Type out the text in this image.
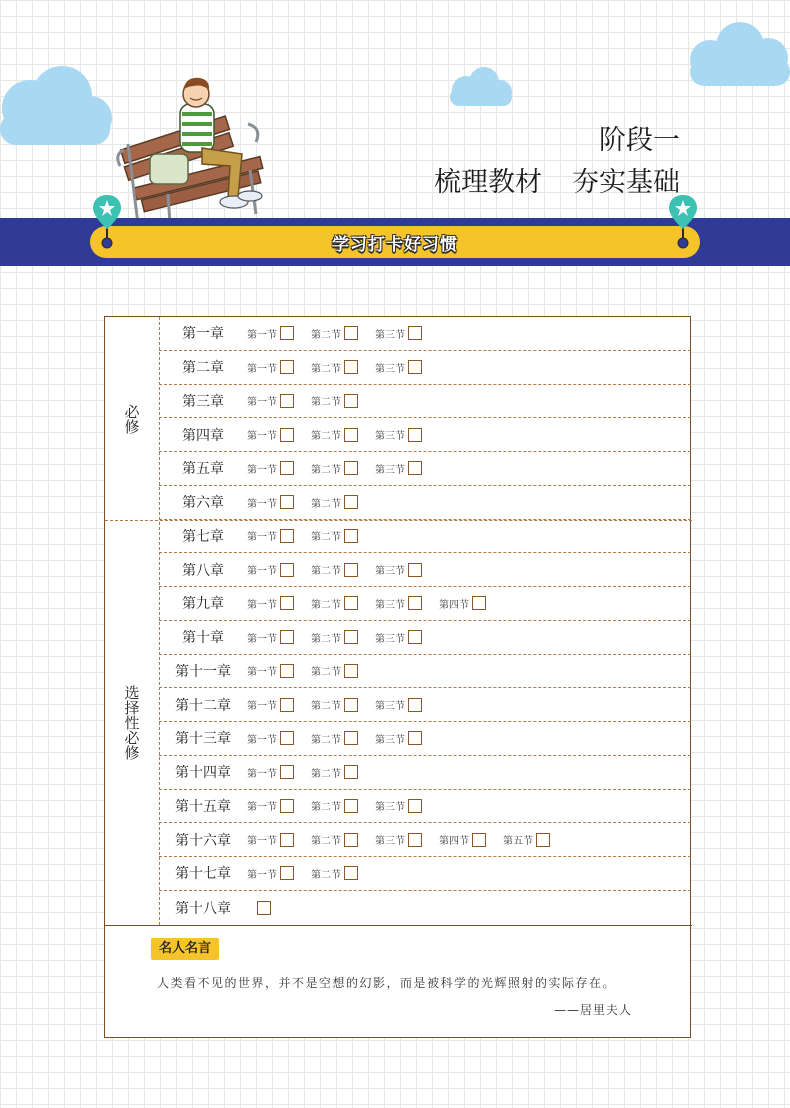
阶段一
梳理教材 夯实基础
学习打卡好习惯
必修
选择性必修
第一章	第一节	第二节	第三节
第二章	第一节	第二节	第三节
第三章	第一节	第二节
第四章	第一节	第二节	第三节
第五章	第一节	第二节	第三节
第六章	第一节	第二节
第七章	第一节	第二节
第八章	第一节	第二节	第三节
第九章	第一节	第二节	第三节	第四节
第十章	第一节	第二节	第三节
第十一章	第一节	第二节
第十二章	第一节	第二节	第三节
第十三章	第一节	第二节	第三节
第十四章	第一节	第二节
第十五章	第一节	第二节	第三节
第十六章	第一节	第二节	第三节	第四节	第五节
第十七章	第一节	第二节
第十八章
名人名言
人类看不见的世界，并不是空想的幻影，而是被科学的光辉照射的实际存在。
——居里夫人
